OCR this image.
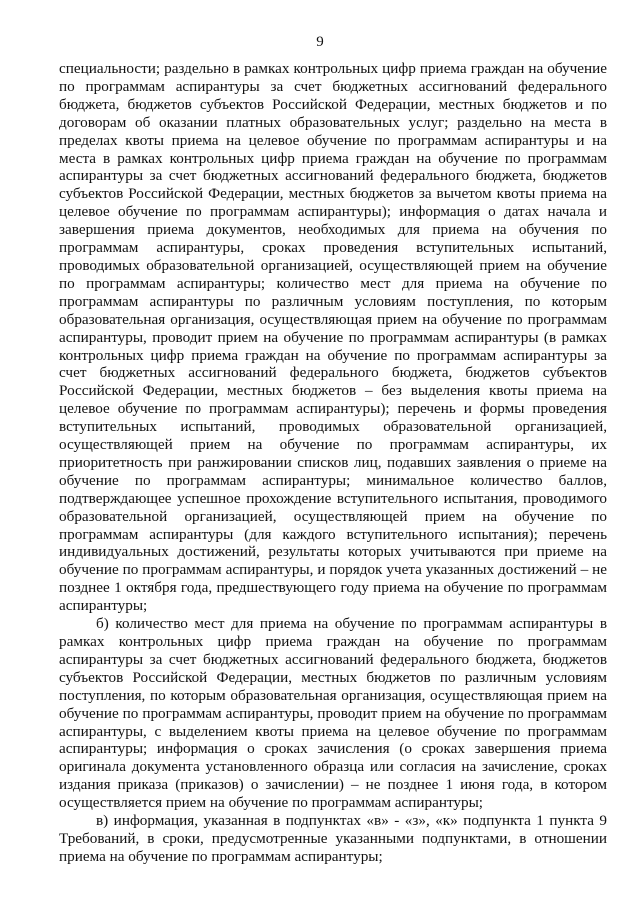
9

специальности; раздельно в рамках контрольных цифр приема граждан на обучение по программам аспирантуры за счет бюджетных ассигнований федерального бюджета, бюджетов субъектов Российской Федерации, местных бюджетов и по договорам об оказании платных образовательных услуг; раздельно на места в пределах квоты приема на целевое обучение по программам аспирантуры и на места в рамках контрольных цифр приема граждан на обучение по программам аспирантуры за счет бюджетных ассигнований федерального бюджета, бюджетов субъектов Российской Федерации, местных бюджетов за вычетом квоты приема на целевое обучение по программам аспирантуры); информация о датах начала и завершения приема документов, необходимых для приема на обучения по программам аспирантуры, сроках проведения вступительных испытаний, проводимых образовательной организацией, осуществляющей прием на обучение по программам аспирантуры; количество мест для приема на обучение по программам аспирантуры по различным условиям поступления, по которым образовательная организация, осуществляющая прием на обучение по программам аспирантуры, проводит прием на обучение по программам аспирантуры (в рамках контрольных цифр приема граждан на обучение по программам аспирантуры за счет бюджетных ассигнований федерального бюджета, бюджетов субъектов Российской Федерации, местных бюджетов – без выделения квоты приема на целевое обучение по программам аспирантуры); перечень и формы проведения вступительных испытаний, проводимых образовательной организацией, осуществляющей прием на обучение по программам аспирантуры, их приоритетность при ранжировании списков лиц, подавших заявления о приеме на обучение по программам аспирантуры; минимальное количество баллов, подтверждающее успешное прохождение вступительного испытания, проводимого образовательной организацией, осуществляющей прием на обучение по программам аспирантуры (для каждого вступительного испытания); перечень индивидуальных достижений, результаты которых учитываются при приеме на обучение по программам аспирантуры, и порядок учета указанных достижений – не позднее 1 октября года, предшествующего году приема на обучение по программам аспирантуры;

б) количество мест для приема на обучение по программам аспирантуры в рамках контрольных цифр приема граждан на обучение по программам аспирантуры за счет бюджетных ассигнований федерального бюджета, бюджетов субъектов Российской Федерации, местных бюджетов по различным условиям поступления, по которым образовательная организация, осуществляющая прием на обучение по программам аспирантуры, проводит прием на обучение по программам аспирантуры, с выделением квоты приема на целевое обучение по программам аспирантуры; информация о сроках зачисления (о сроках завершения приема оригинала документа установленного образца или согласия на зачисление, сроках издания приказа (приказов) о зачислении) – не позднее 1 июня года, в котором осуществляется прием на обучение по программам аспирантуры;

в) информация, указанная в подпунктах «в» - «з», «к» подпункта 1 пункта 9 Требований, в сроки, предусмотренные указанными подпунктами, в отношении приема на обучение по программам аспирантуры;
